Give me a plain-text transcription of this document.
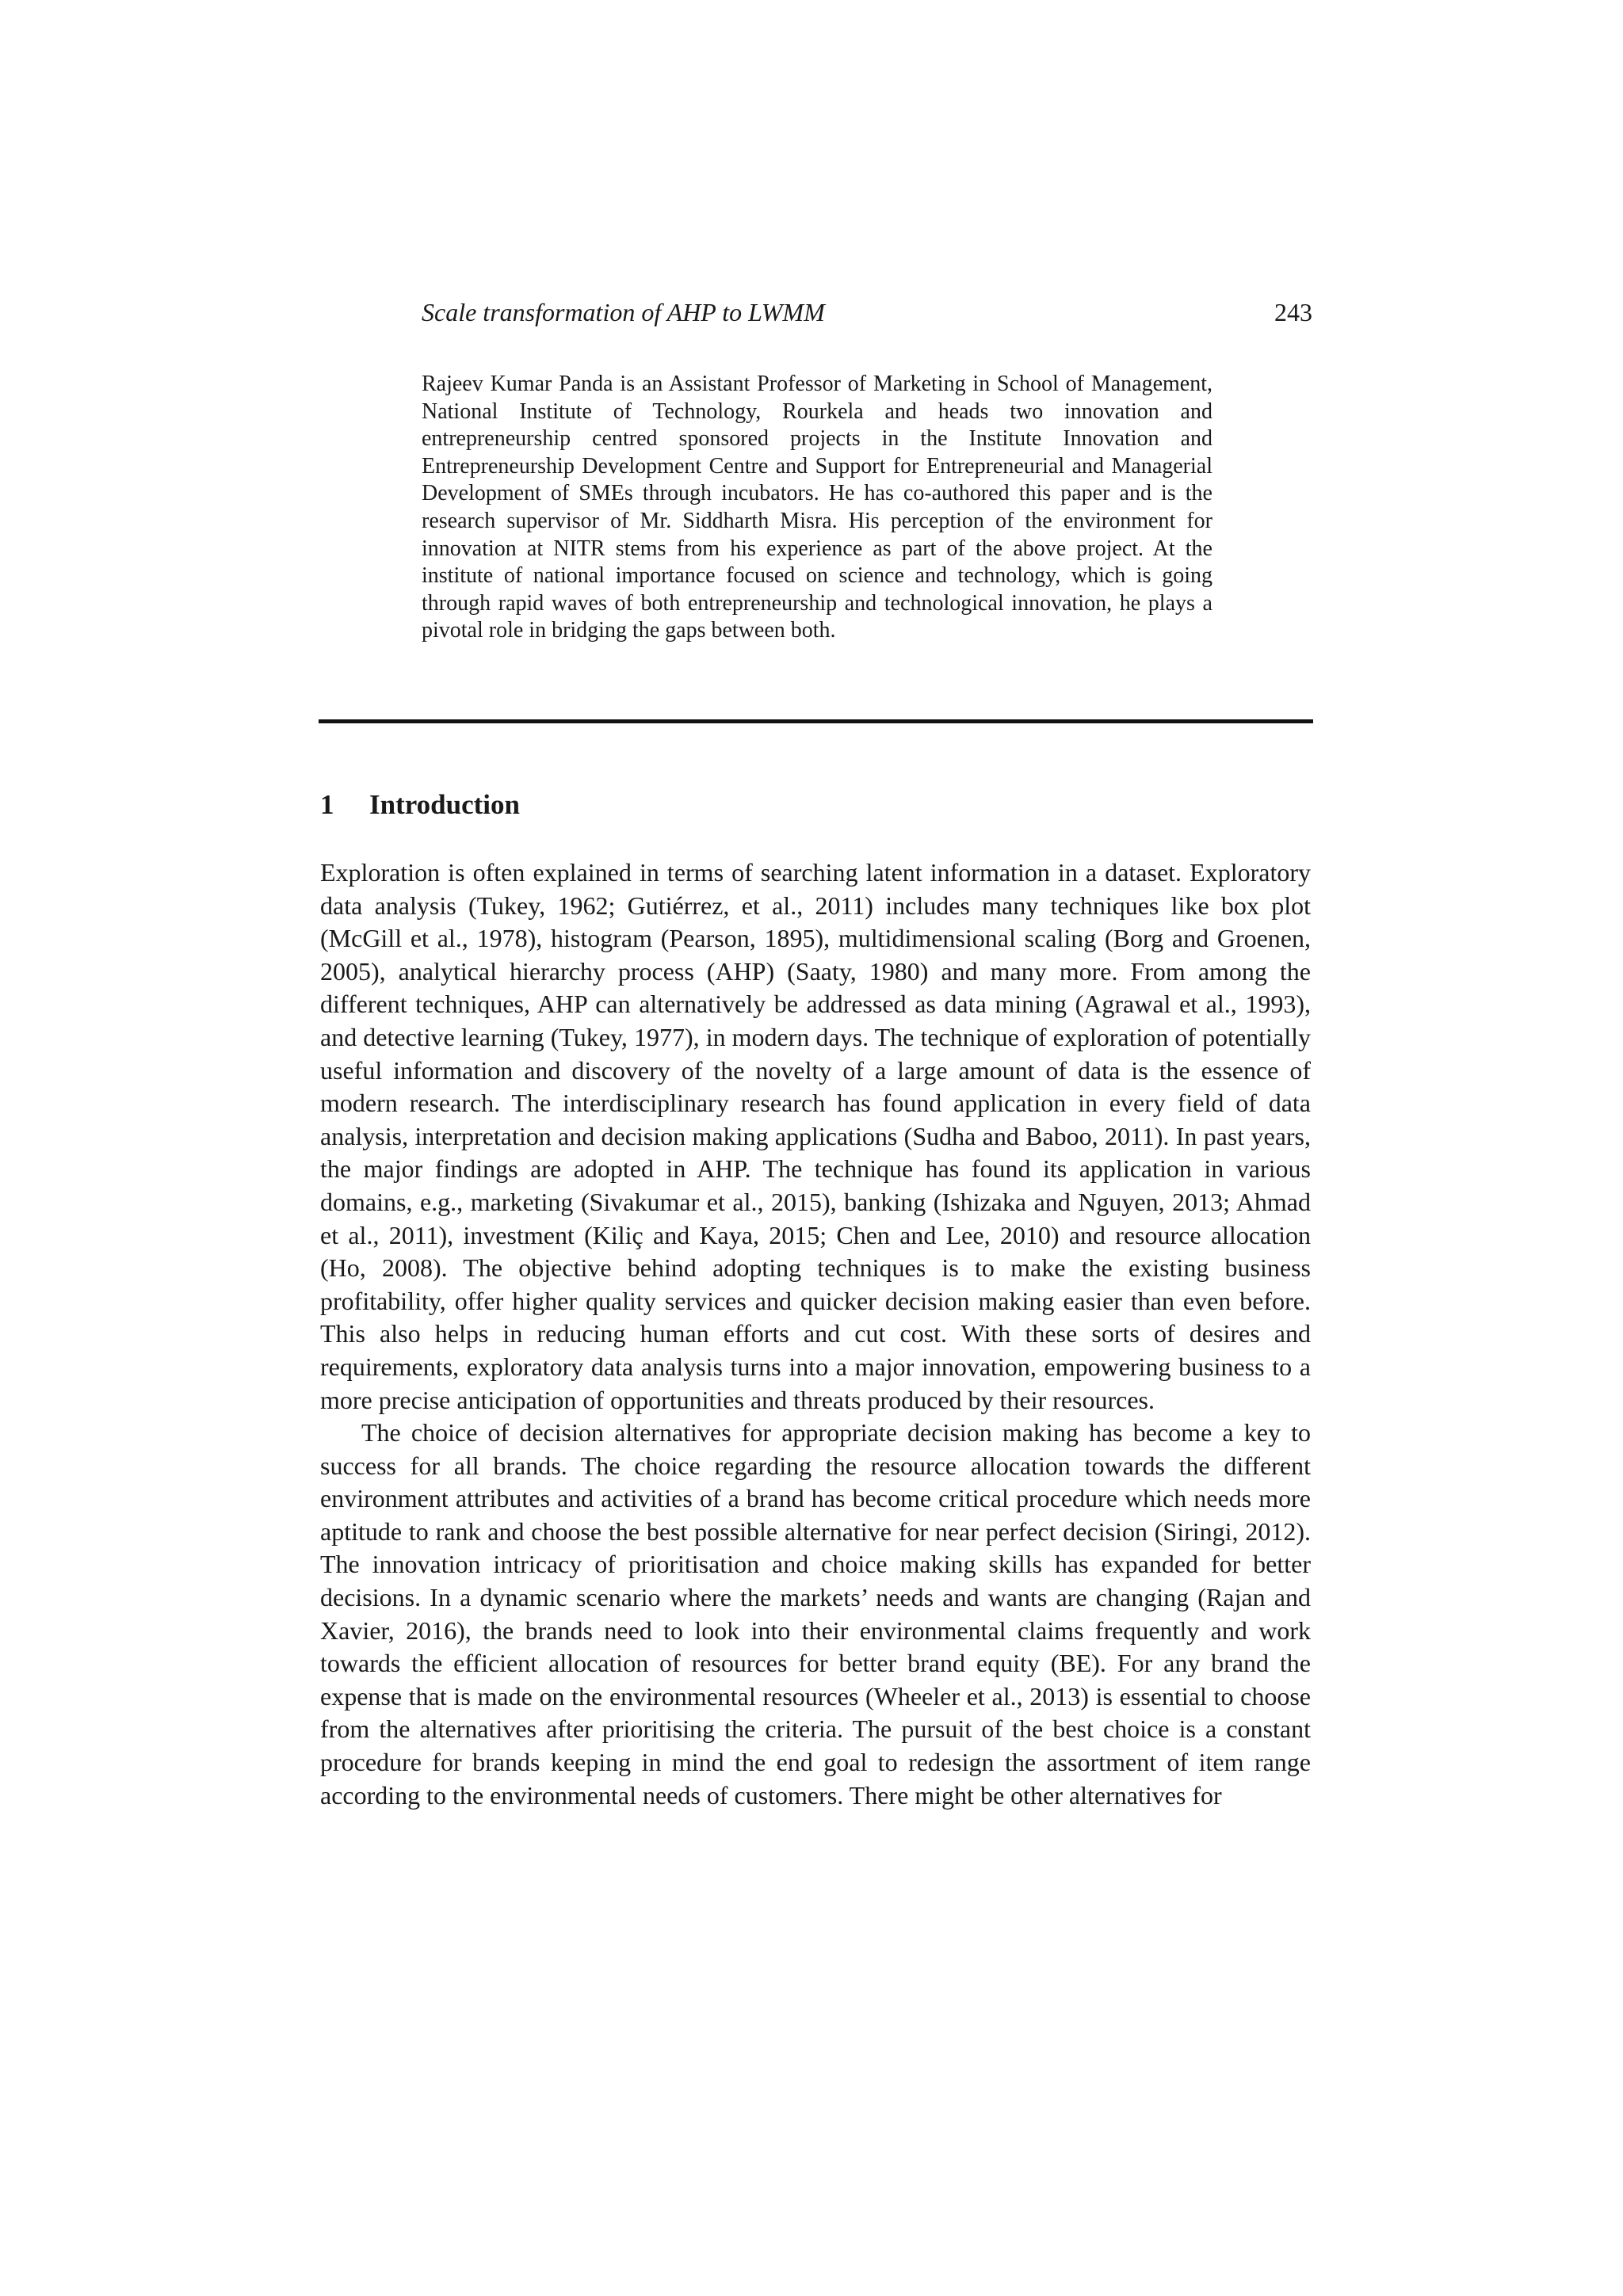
Scale transformation of AHP to LWMM	243

Rajeev Kumar Panda is an Assistant Professor of Marketing in School of Management, National Institute of Technology, Rourkela and heads two innovation and entrepreneurship centred sponsored projects in the Institute Innovation and Entrepreneurship Development Centre and Support for Entrepreneurial and Managerial Development of SMEs through incubators. He has co-authored this paper and is the research supervisor of Mr. Siddharth Misra. His perception of the environment for innovation at NITR stems from his experience as part of the above project. At the institute of national importance focused on science and technology, which is going through rapid waves of both entrepreneurship and technological innovation, he plays a pivotal role in bridging the gaps between both.

1 Introduction

Exploration is often explained in terms of searching latent information in a dataset. Exploratory data analysis (Tukey, 1962; Gutiérrez, et al., 2011) includes many techniques like box plot (McGill et al., 1978), histogram (Pearson, 1895), multidimensional scaling (Borg and Groenen, 2005), analytical hierarchy process (AHP) (Saaty, 1980) and many more. From among the different techniques, AHP can alternatively be addressed as data mining (Agrawal et al., 1993), and detective learning (Tukey, 1977), in modern days. The technique of exploration of potentially useful information and discovery of the novelty of a large amount of data is the essence of modern research. The interdisciplinary research has found application in every field of data analysis, interpretation and decision making applications (Sudha and Baboo, 2011). In past years, the major findings are adopted in AHP. The technique has found its application in various domains, e.g., marketing (Sivakumar et al., 2015), banking (Ishizaka and Nguyen, 2013; Ahmad et al., 2011), investment (Kiliç and Kaya, 2015; Chen and Lee, 2010) and resource allocation (Ho, 2008). The objective behind adopting techniques is to make the existing business profitability, offer higher quality services and quicker decision making easier than even before. This also helps in reducing human efforts and cut cost. With these sorts of desires and requirements, exploratory data analysis turns into a major innovation, empowering business to a more precise anticipation of opportunities and threats produced by their resources.

The choice of decision alternatives for appropriate decision making has become a key to success for all brands. The choice regarding the resource allocation towards the different environment attributes and activities of a brand has become critical procedure which needs more aptitude to rank and choose the best possible alternative for near perfect decision (Siringi, 2012). The innovation intricacy of prioritisation and choice making skills has expanded for better decisions. In a dynamic scenario where the markets’ needs and wants are changing (Rajan and Xavier, 2016), the brands need to look into their environmental claims frequently and work towards the efficient allocation of resources for better brand equity (BE). For any brand the expense that is made on the environmental resources (Wheeler et al., 2013) is essential to choose from the alternatives after prioritising the criteria. The pursuit of the best choice is a constant procedure for brands keeping in mind the end goal to redesign the assortment of item range according to the environmental needs of customers. There might be other alternatives for
